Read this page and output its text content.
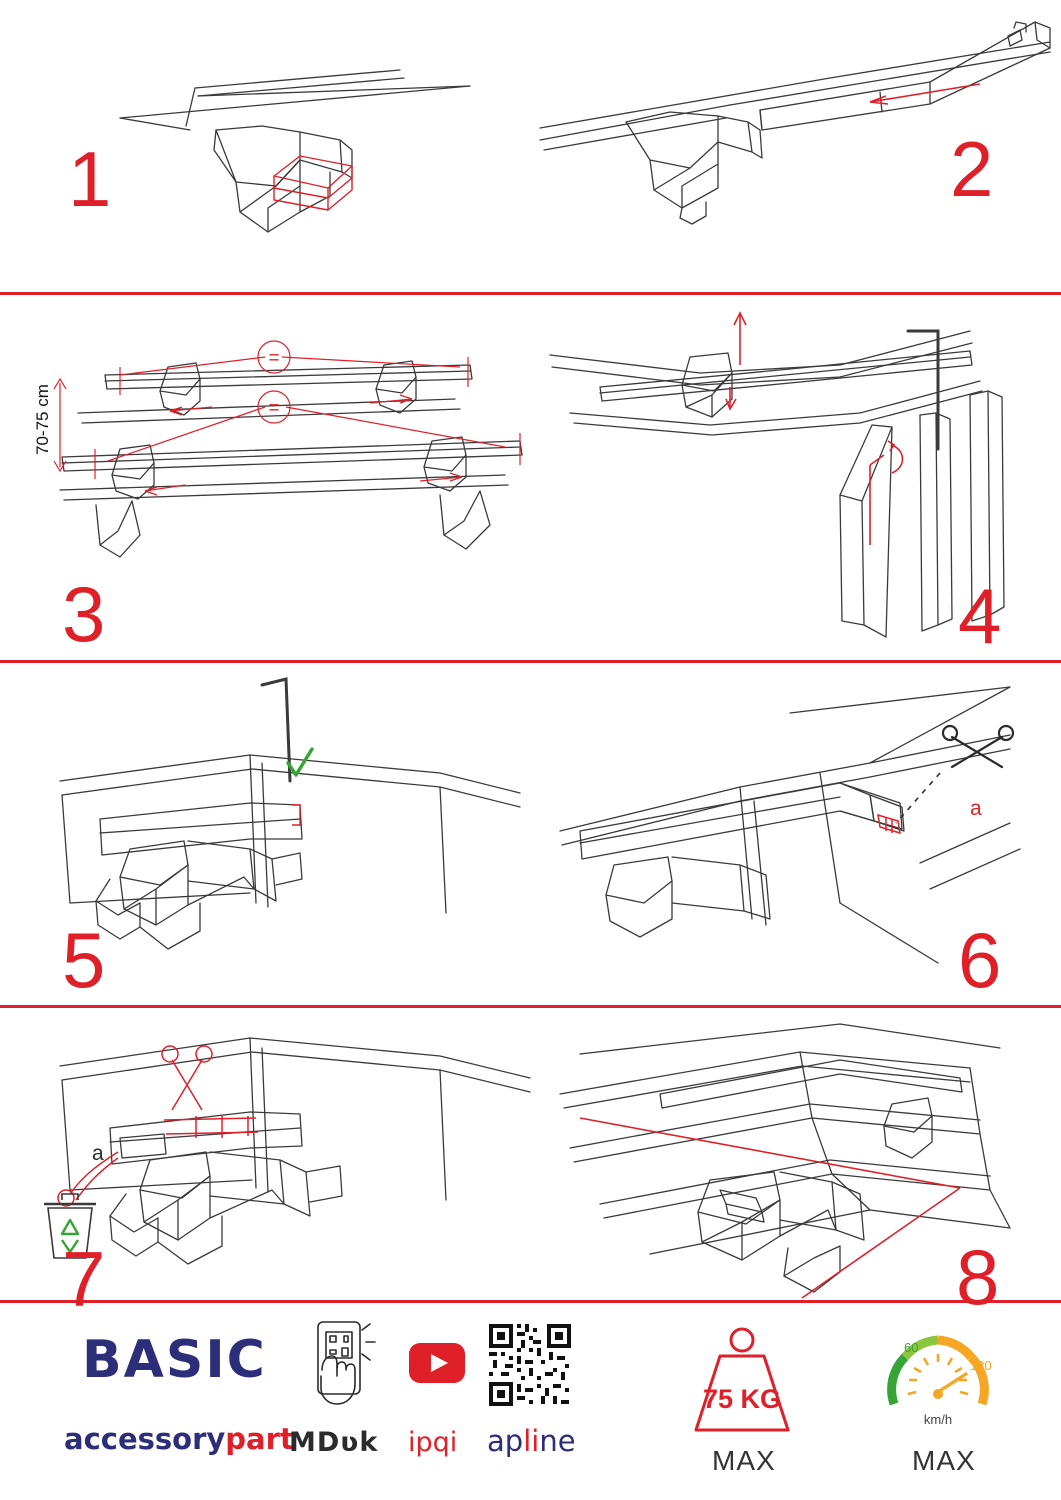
1	2
=
=
70-75 cm
3	4
5
a
6
a
7	8
BASIC
accessorypart
MDʋk ipqi apline
75 KG
MAX
60
120
km/h
MAX
